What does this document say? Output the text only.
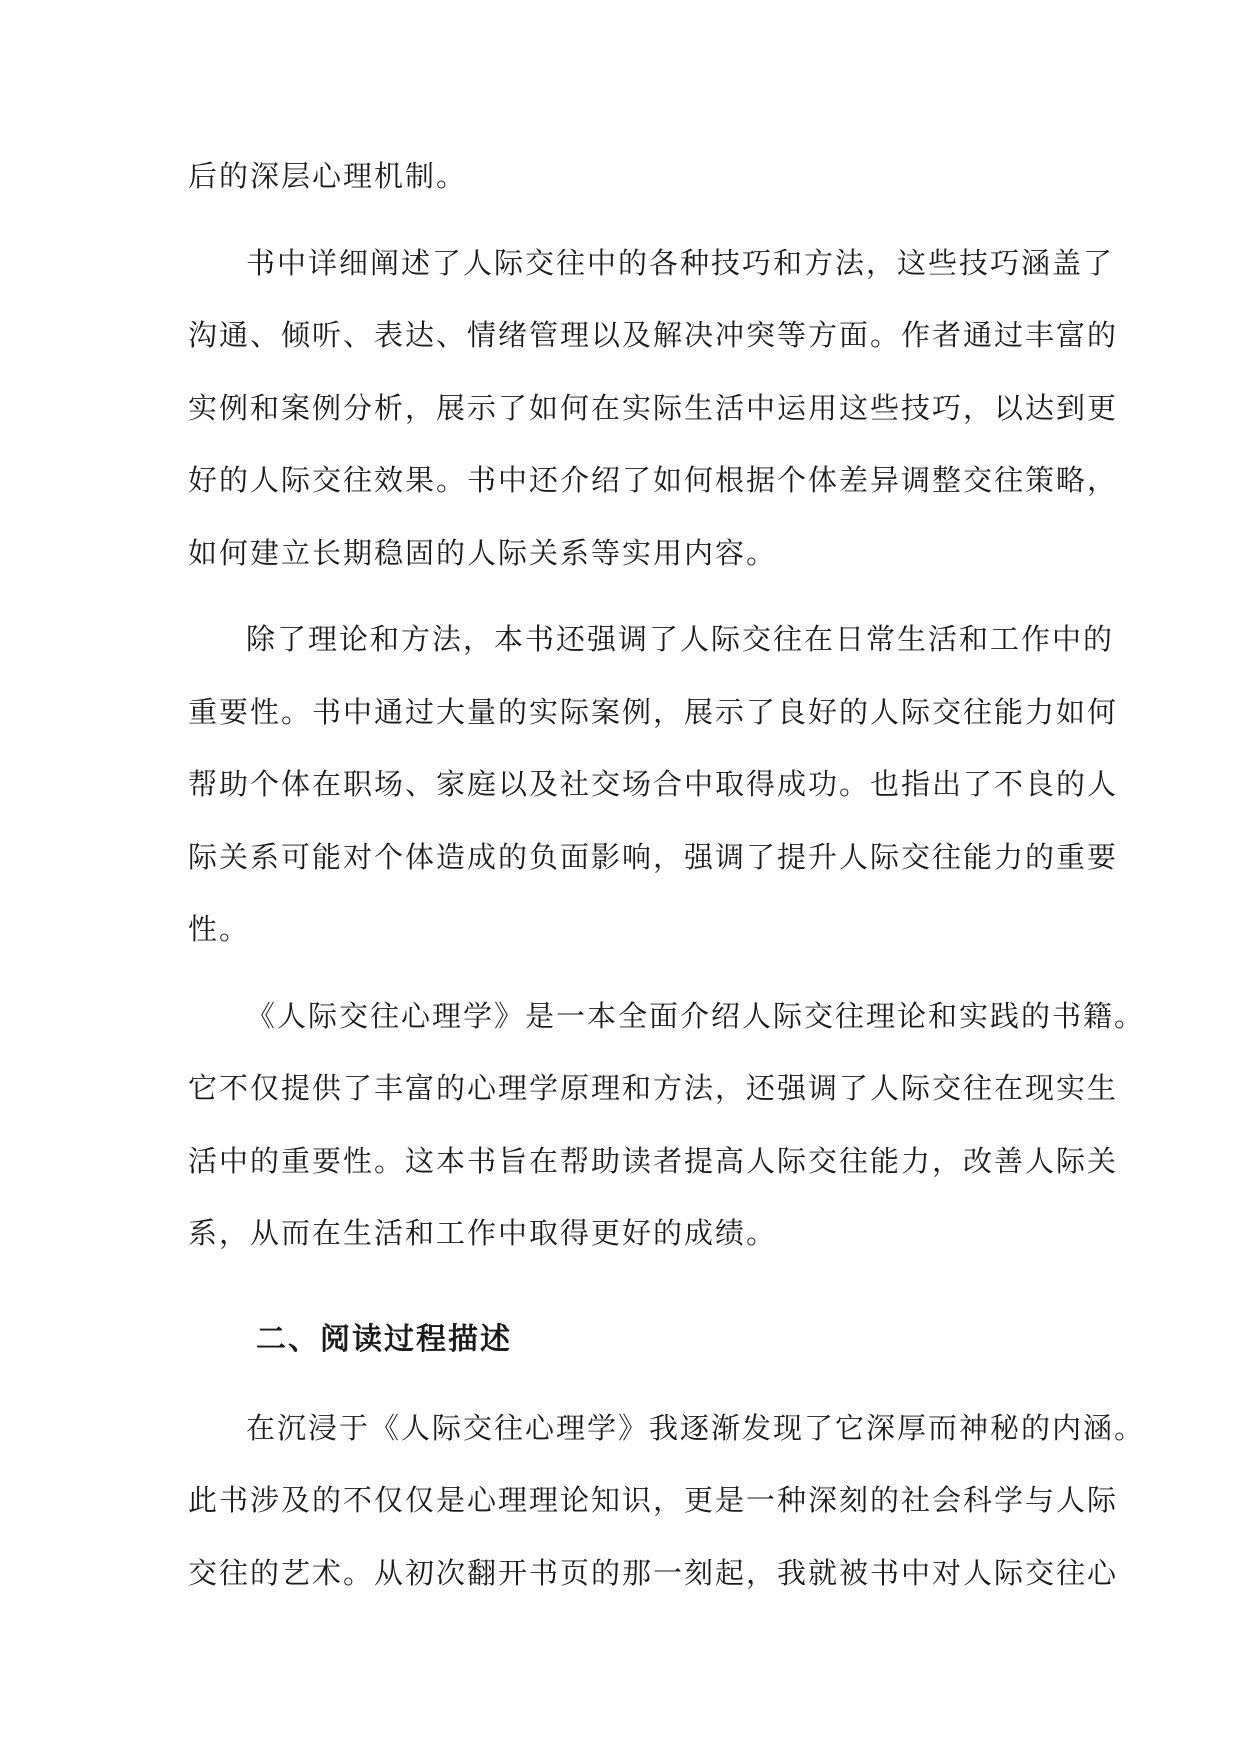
后的深层心理机制。

书中详细阐述了人际交往中的各种技巧和方法，这些技巧涵盖了

沟通、倾听、表达、情绪管理以及解决冲突等方面。作者通过丰富的

实例和案例分析，展示了如何在实际生活中运用这些技巧，以达到更

好的人际交往效果。书中还介绍了如何根据个体差异调整交往策略，

如何建立长期稳固的人际关系等实用内容。

除了理论和方法，本书还强调了人际交往在日常生活和工作中的

重要性。书中通过大量的实际案例，展示了良好的人际交往能力如何

帮助个体在职场、家庭以及社交场合中取得成功。也指出了不良的人

际关系可能对个体造成的负面影响，强调了提升人际交往能力的重要

性。

《人际交往心理学》是一本全面介绍人际交往理论和实践的书籍。

它不仅提供了丰富的心理学原理和方法，还强调了人际交往在现实生

活中的重要性。这本书旨在帮助读者提高人际交往能力，改善人际关

系，从而在生活和工作中取得更好的成绩。

二、阅读过程描述

在沉浸于《人际交往心理学》我逐渐发现了它深厚而神秘的内涵。

此书涉及的不仅仅是心理理论知识，更是一种深刻的社会科学与人际

交往的艺术。从初次翻开书页的那一刻起，我就被书中对人际交往心
